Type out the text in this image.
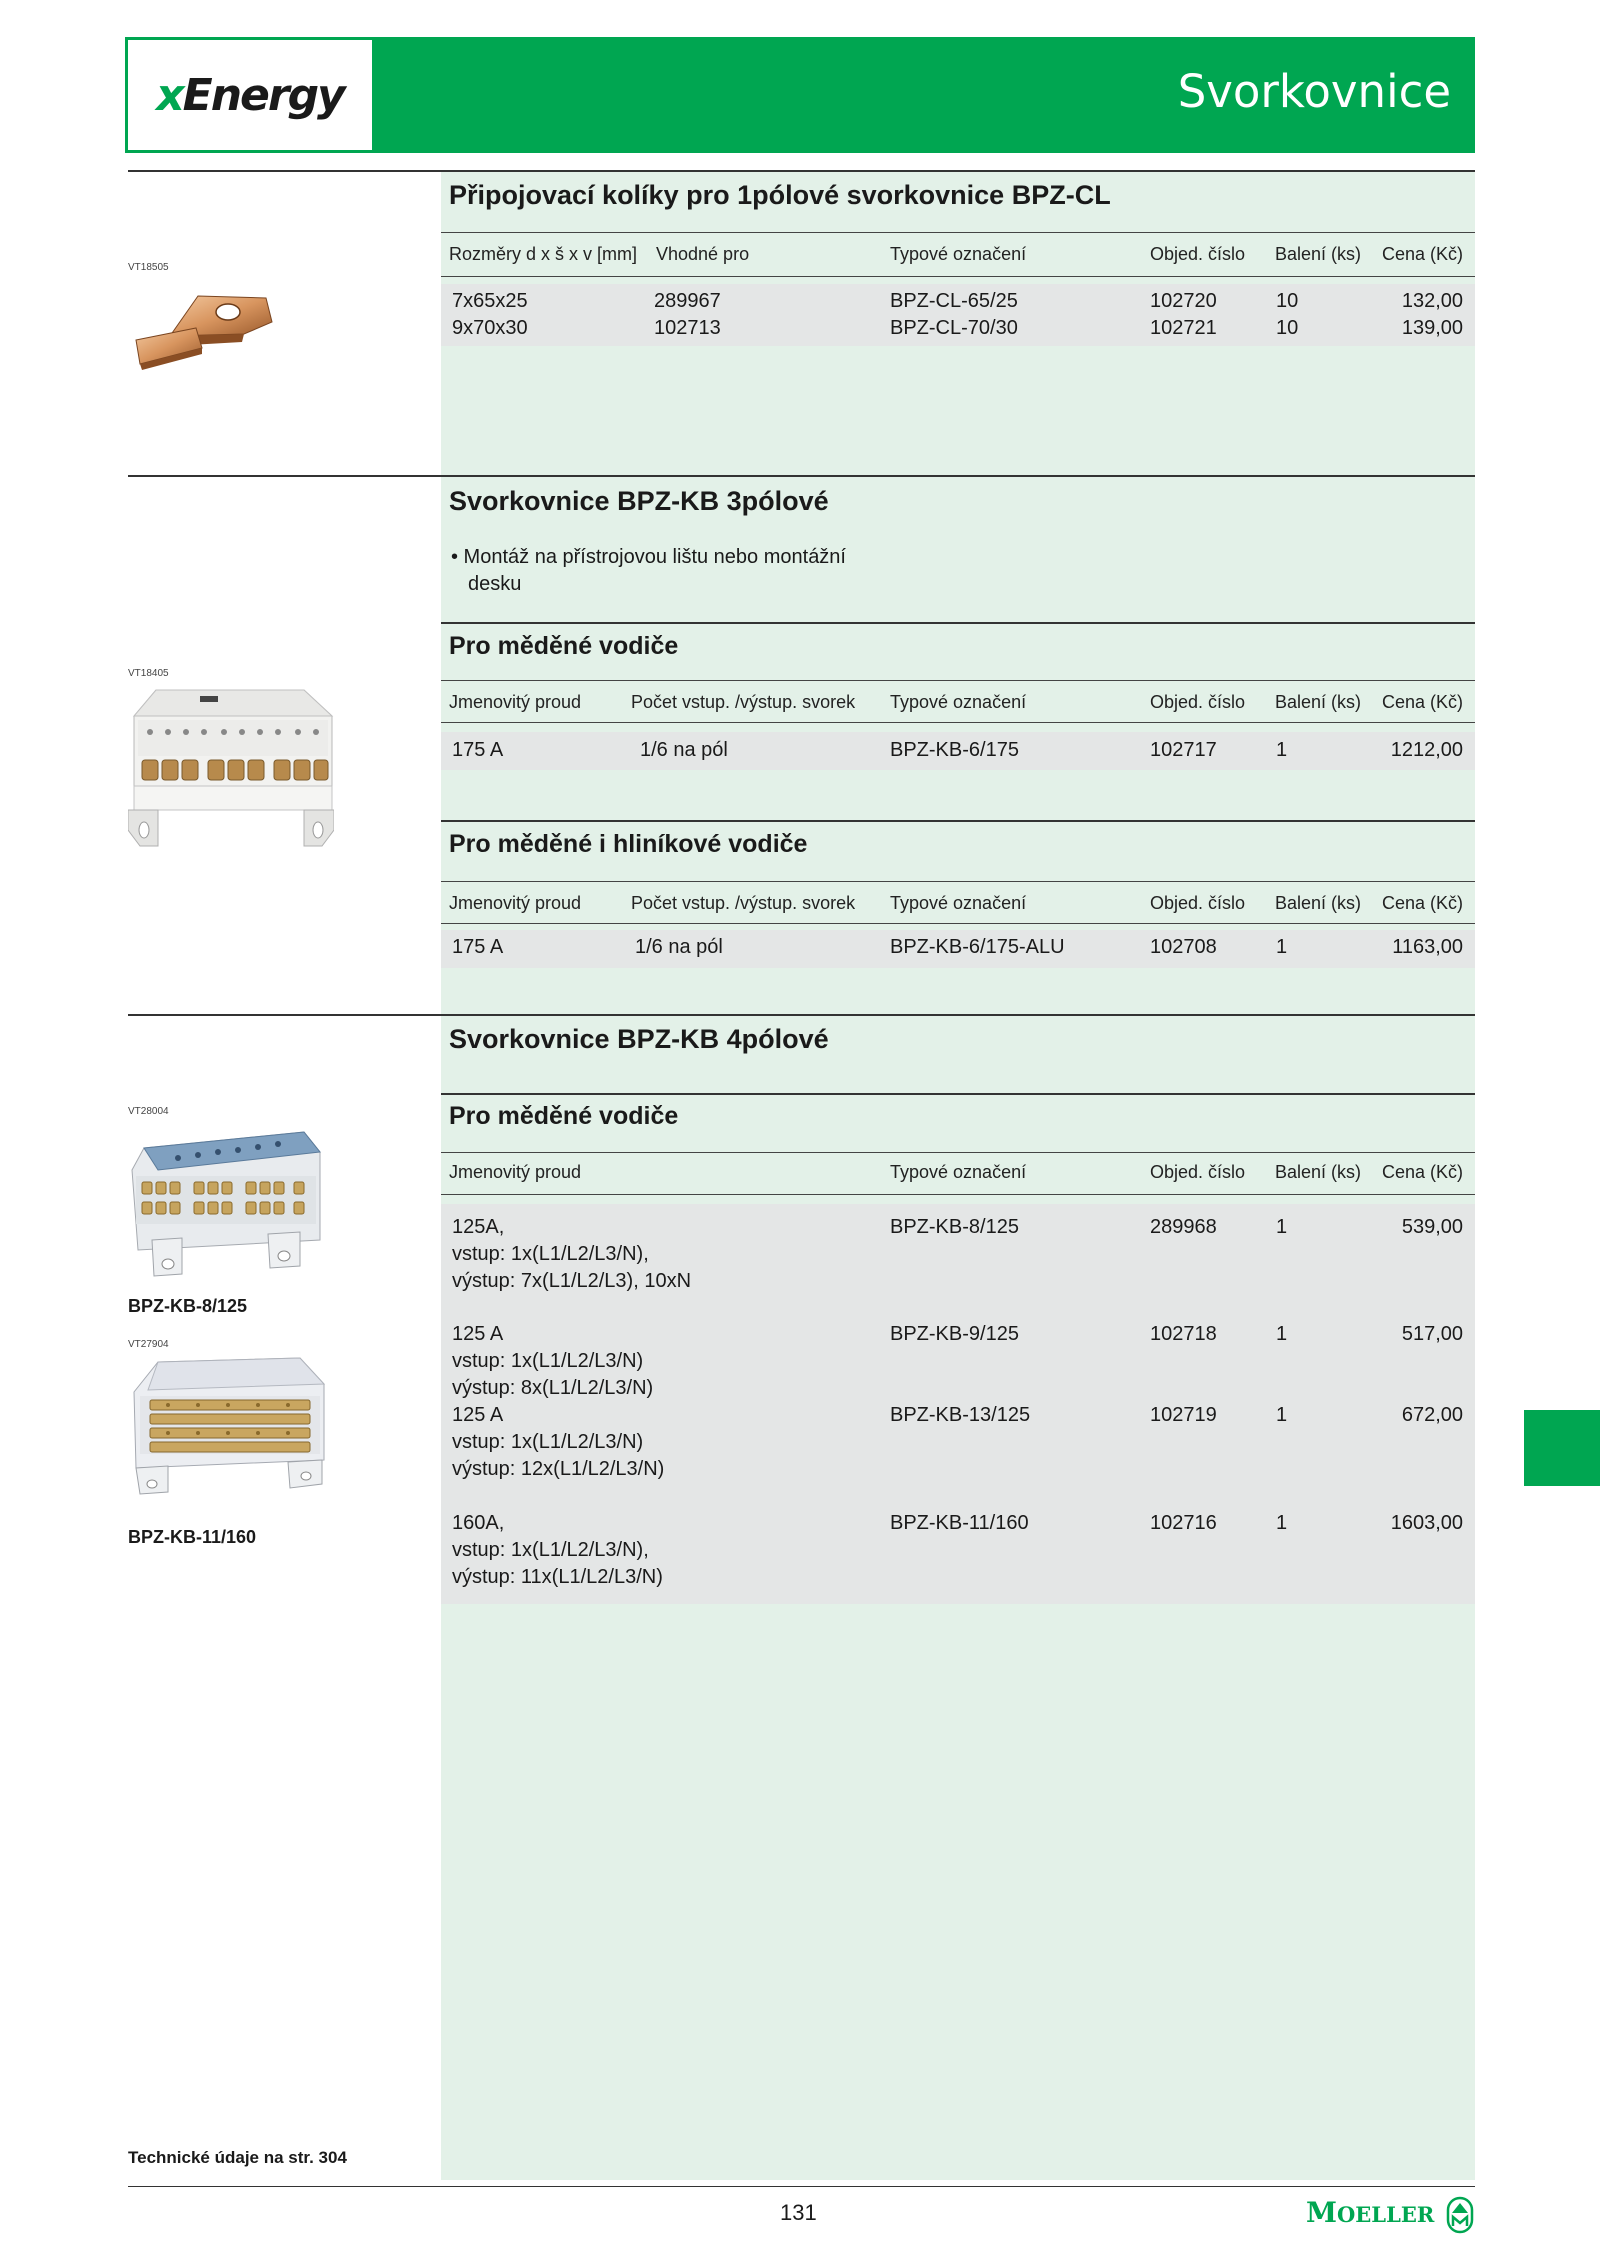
xEnergy	Svorkovnice
Připojovací kolíky pro 1pólové svorkovnice BPZ-CL
VT18505
Rozměry d x š x v [mm] Vhodné pro	Typové označení	Objed. číslo Balení (ks) Cena (Kč)
7x65x25	289967	BPZ-CL-65/25	102720	10	132,00
9x70x30	102713	BPZ-CL-70/30	102721	10	139,00
Svorkovnice BPZ-KB 3pólové
• Montáž na přístrojovou lištu nebo montážní
desku
Pro měděné vodiče
VT18405
Jmenovitý proud	Počet vstup. /výstup. svorek Typové označení	Objed. číslo Balení (ks) Cena (Kč)
175 A	1/6 na pól	BPZ-KB-6/175	102717	1	1212,00
Pro měděné i hliníkové vodiče
Jmenovitý proud	Počet vstup. /výstup. svorek Typové označení	Objed. číslo Balení (ks) Cena (Kč)
175 A	1/6 na pól	BPZ-KB-6/175-ALU	102708	1	1163,00
Svorkovnice BPZ-KB 4pólové
Pro měděné vodiče
VT28004
BPZ-KB-8/125
VT27904
BPZ-KB-11/160
Jmenovitý proud	Typové označení	Objed. číslo Balení (ks) Cena (Kč)
125A,
vstup: 1x(L1/L2/L3/N),
výstup: 7x(L1/L2/L3), 10xN
BPZ-KB-8/125	289968	1	539,00
125 A
vstup: 1x(L1/L2/L3/N)
výstup: 8x(L1/L2/L3/N)
BPZ-KB-9/125	102718	1	517,00
125 A
vstup: 1x(L1/L2/L3/N)
výstup: 12x(L1/L2/L3/N)
BPZ-KB-13/125	102719	1	672,00
160A,
vstup: 1x(L1/L2/L3/N),
výstup: 11x(L1/L2/L3/N)
BPZ-KB-11/160	102716	1	1603,00
Technické údaje na str. 304
131	MOELLER
